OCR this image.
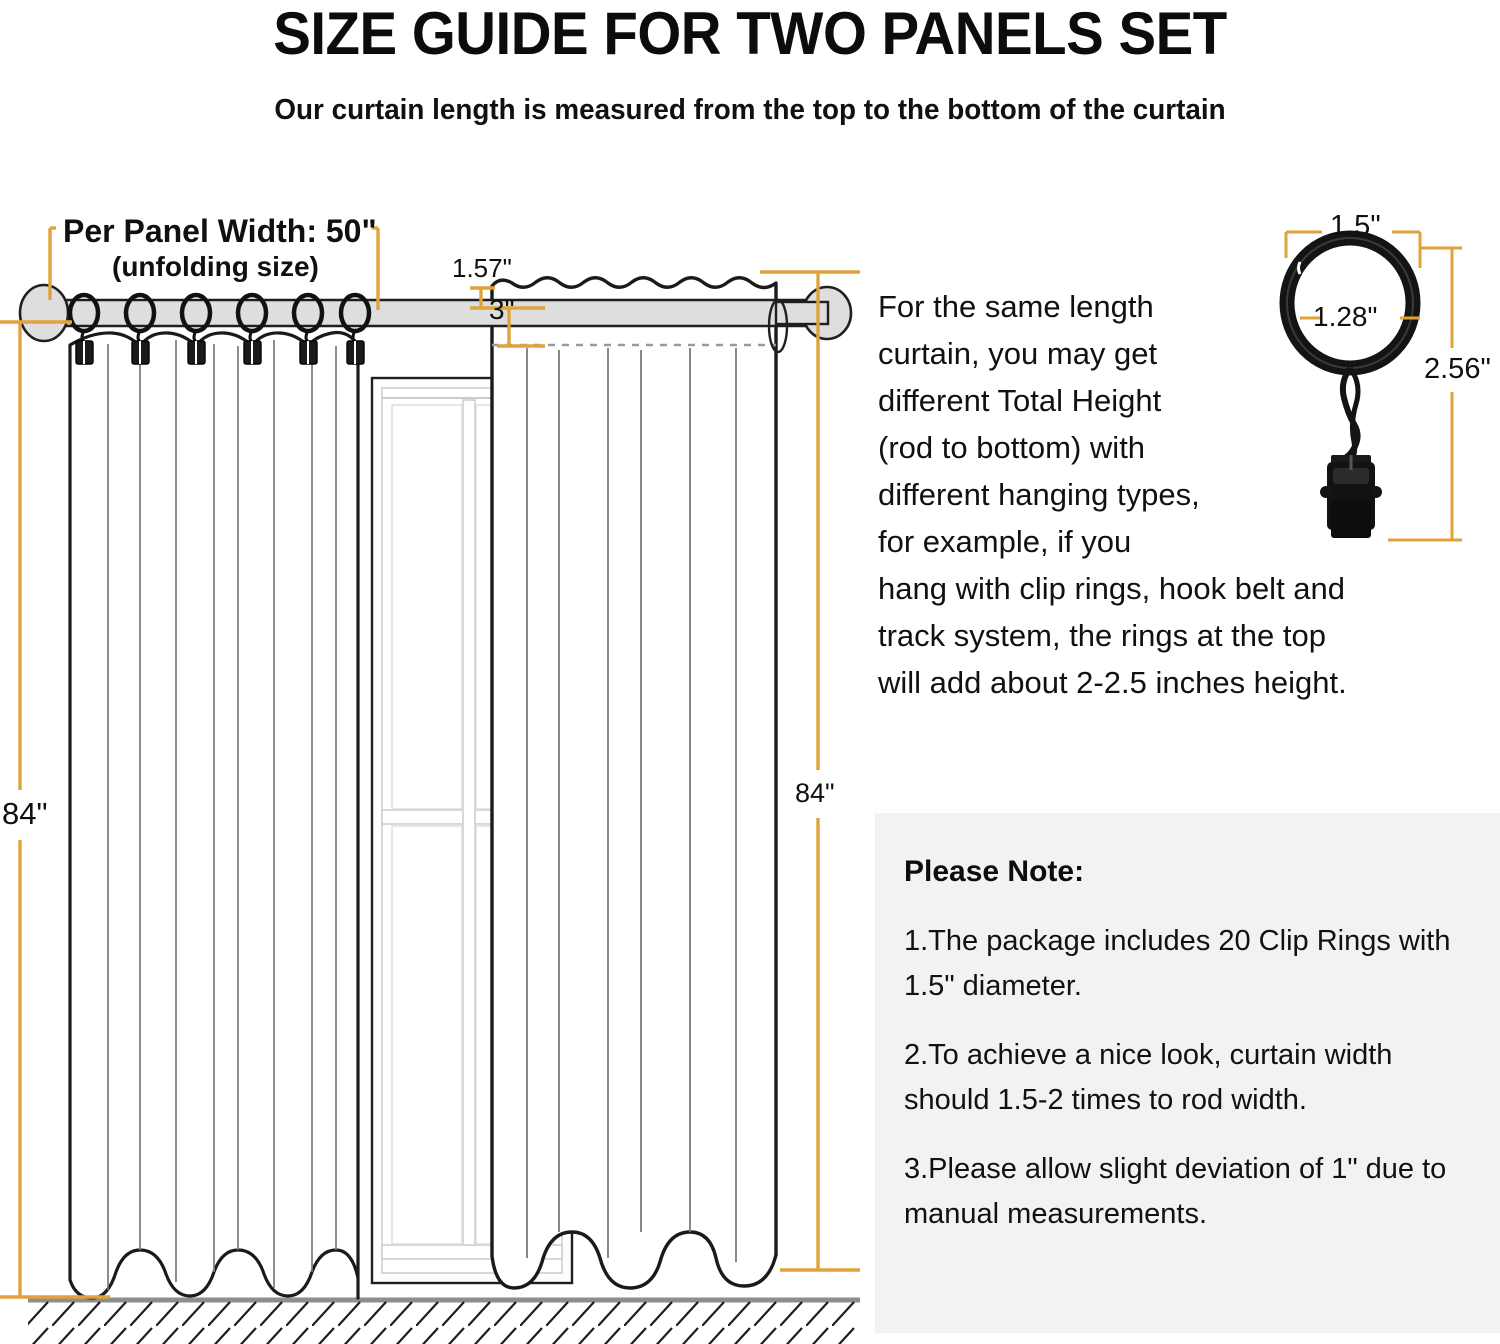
SIZE GUIDE FOR TWO PANELS SET
Our curtain length is measured from the top to the bottom of the curtain
Per Panel Width: 50"
(unfolding size)	1.57"
3"
84"
84"
1.5"
1.28"
2.56"
For the same length
curtain, you may get
different Total Height
(rod to bottom) with
different hanging types,
for example, if you
hang with clip rings, hook belt and
track system, the rings at the top
will add about 2-2.5 inches height.
Please Note:

1.The package includes 20 Clip Rings with 1.5" diameter.

2.To achieve a nice look, curtain width should 1.5-2 times to rod width.

3.Please allow slight deviation of 1" due to manual measurements.
